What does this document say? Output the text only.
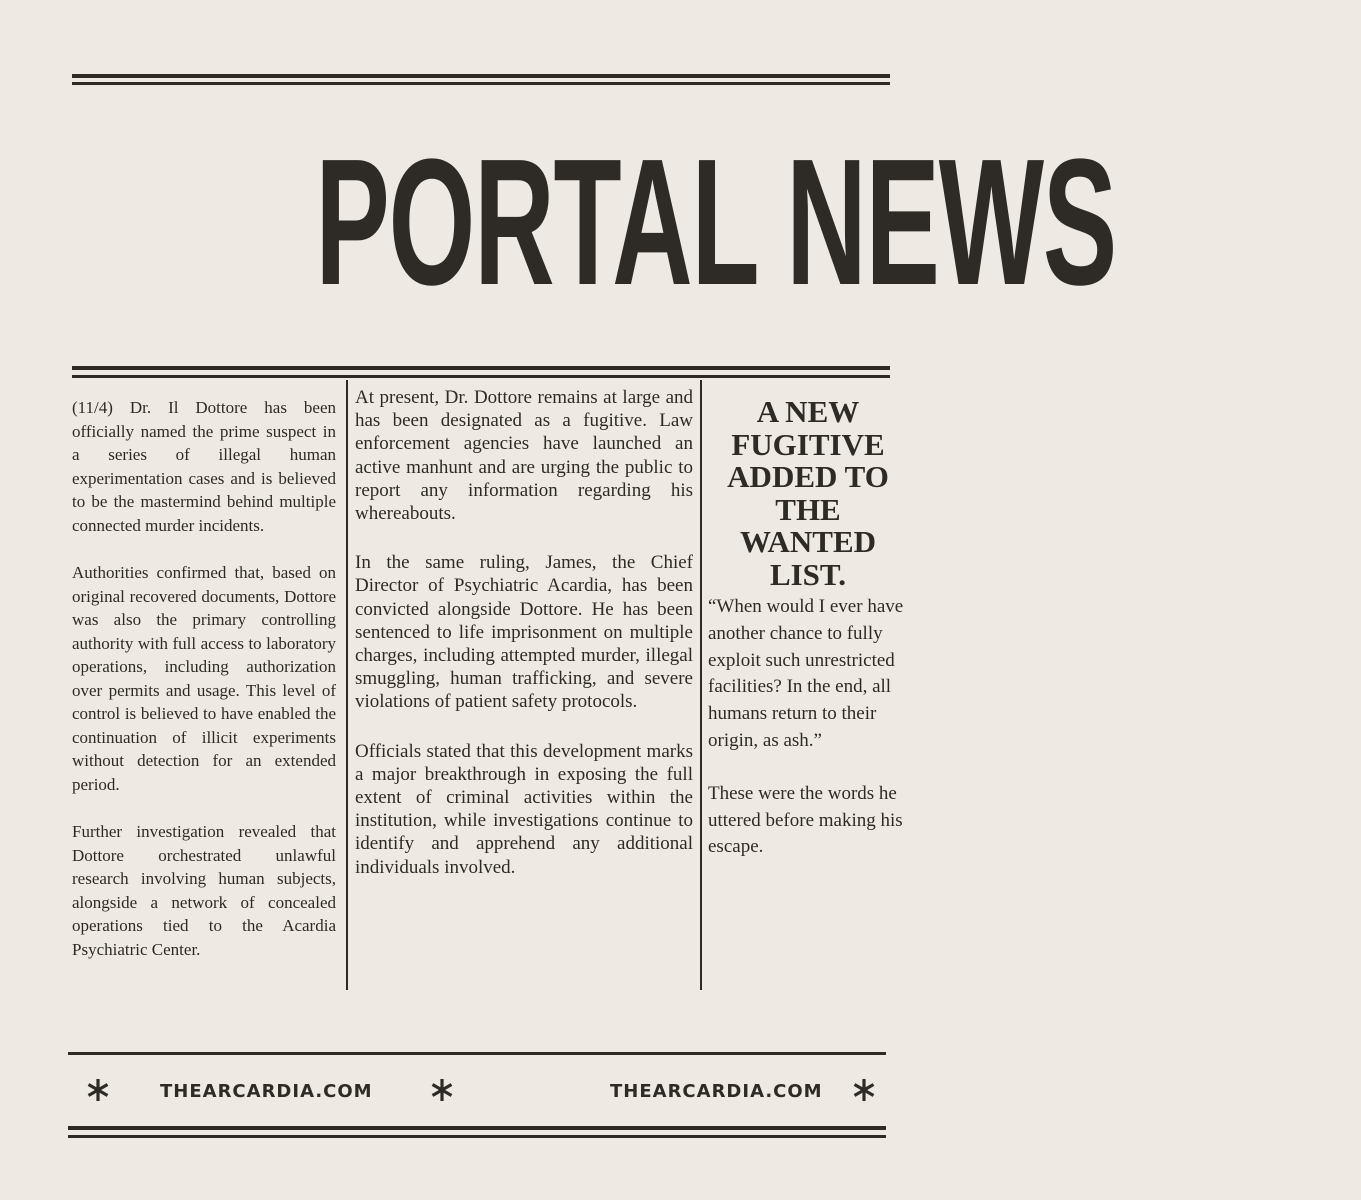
PORTAL NEWS

(11/4) Dr. Il Dottore has been officially named the prime suspect in a series of illegal human experimentation cases and is believed to be the mastermind behind multiple connected murder incidents.

Authorities confirmed that, based on original recovered documents, Dottore was also the primary controlling authority with full access to laboratory operations, including authorization over permits and usage. This level of control is believed to have enabled the continuation of illicit experiments without detection for an extended period.

Further investigation revealed that Dottore orchestrated unlawful research involving human subjects, alongside a network of concealed operations tied to the Acardia Psychiatric Center.

At present, Dr. Dottore remains at large and has been designated as a fugitive. Law enforcement agencies have launched an active manhunt and are urging the public to report any information regarding his whereabouts.

In the same ruling, James, the Chief Director of Psychiatric Acardia, has been convicted alongside Dottore. He has been sentenced to life imprisonment on multiple charges, including attempted murder, illegal smuggling, human trafficking, and severe violations of patient safety protocols.

Officials stated that this development marks a major breakthrough in exposing the full extent of criminal activities within the institution, while investigations continue to identify and apprehend any additional individuals involved.

A NEW FUGITIVE ADDED TO THE WANTED LIST.

“When would I ever have another chance to fully exploit such unrestricted facilities? In the end, all humans return to their origin, as ash.”

These were the words he uttered before making his escape.

THEARCARDIA.COM	THEARCARDIA.COM
